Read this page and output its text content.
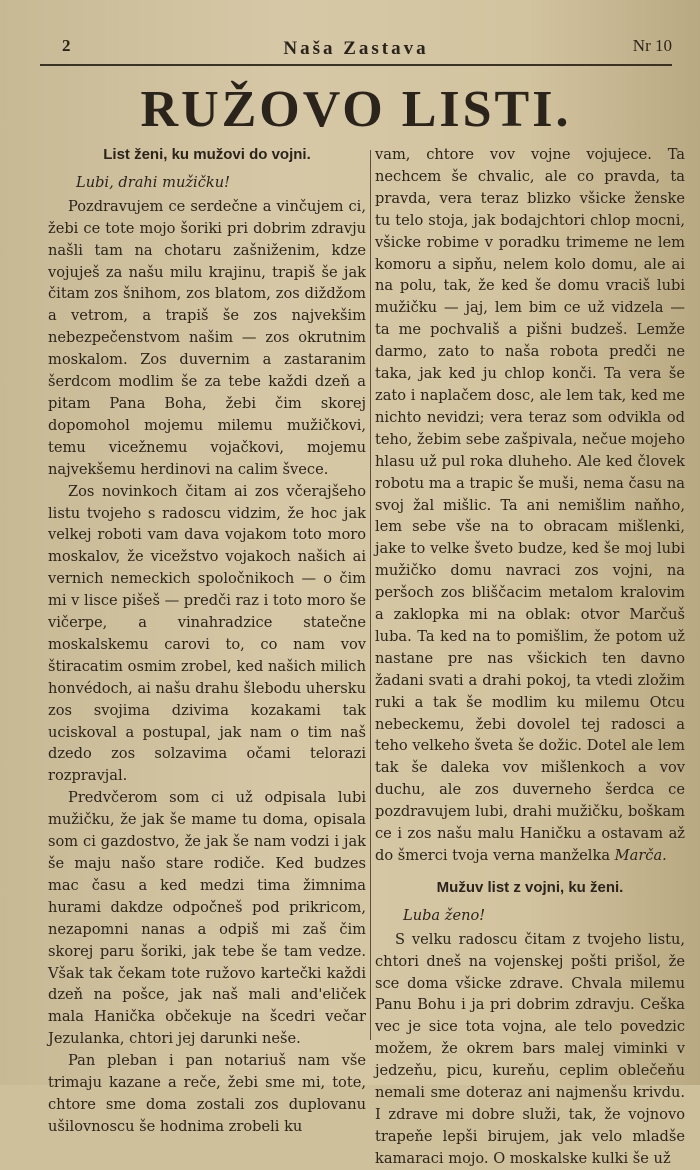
2	Naša Zastava	Nr 10
RUŽOVO LISTI.
List ženi, ku mužovi do vojni.

Lubi, drahi mužičku!

Pozdravujem ce serdečne a vinčujem ci, žebi ce tote mojo šoriki pri dobrim zdravju našli tam na chotaru zašniženim, kdze vojuješ za našu milu krajinu, trapiš še jak čitam zos šnihom, zos blatom, zos diždžom a vetrom, a trapiš še zos najvekšim nebezpečenstvom našim — zos okrutnim moskalom. Zos duvernim a zastaranim šerdcom modlim še za tebe každi dzeň a pitam Pana Boha, žebi čim skorej dopomohol mojemu milemu mužičkovi, temu vicežnemu vojačkovi, mojemu najvekšemu herdinovi na calim švece.

Zos novinkoch čitam ai zos včerajšeho listu tvojeho s radoscu vidzim, že hoc jak velkej roboti vam dava vojakom toto moro moskalov, že vicežstvo vojakoch našich ai vernich nemeckich spoločnikoch — o čim mi v lisce pišeš — predči raz i toto moro še vičerpe, a vinahradzice statečne moskalskemu carovi to, co nam vov štiracatim osmim zrobel, ked našich milich honvédoch, ai našu drahu šlebodu uhersku zos svojima dzivima kozakami tak uciskoval a postupal, jak nam o tim naš dzedo zos solzavima očami telorazi rozpravjal.

Predvčerom som ci už odpisala lubi mužičku, že jak še mame tu doma, opisala som ci gazdostvo, že jak še nam vodzi i jak še maju našo stare rodiče. Ked budzes mac času a ked medzi tima žimnima hurami dakdze odpočneš pod prikricom, nezapomni nanas a odpiš mi zaš čim skorej paru šoriki, jak tebe še tam vedze. Však tak čekam tote ružovo kartečki každi dzeň na pošce, jak naš mali and'eliček mala Hanička občekuje na šcedri večar Jezulanka, chtori jej darunki neše.

Pan pleban i pan notariuš nam vše trimaju kazane a reče, žebi sme mi, tote, chtore sme doma zostali zos duplovanu ušilovnoscu še hodnima zrobeli ku

vam, chtore vov vojne vojujece. Ta nechcem še chvalic, ale co pravda, ta pravda, vera teraz blizko všicke ženske tu telo stoja, jak bodajchtori chlop mocni, všicke robime v poradku trimeme ne lem komoru a sipňu, nelem kolo domu, ale ai na polu, tak, že ked še domu vraciš lubi mužičku — jaj, lem bim ce už vidzela — ta me pochvališ a pišni budzeš. Lemže darmo, zato to naša robota predči ne taka, jak ked ju chlop konči. Ta vera še zato i naplačem dosc, ale lem tak, ked me nichto nevidzi; vera teraz som odvikla od teho, žebim sebe zašpivala, nečue mojeho hlasu už pul roka dluheho. Ale ked človek robotu ma a trapic še muši, nema času na svoj žal mišlic. Ta ani nemišlim naňho, lem sebe vše na to obracam mišlenki, jake to velke šveto budze, ked še moj lubi mužičko domu navraci zos vojni, na peršoch zos bliščacim metalom kralovim a zaklopka mi na oblak: otvor Marčuš luba. Ta ked na to pomišlim, že potom už nastane pre nas všickich ten davno žadani svati a drahi pokoj, ta vtedi zložim ruki a tak še modlim ku milemu Otcu nebeckemu, žebi dovolel tej radosci a teho velkeho šveta še dožic. Dotel ale lem tak še daleka vov mišlenkoch a vov duchu, ale zos duverneho šerdca ce pozdravujem lubi, drahi mužičku, boškam ce i zos našu malu Haničku a ostavam až do šmerci tvoja verna manželka Marča.

Mužuv list z vojni, ku ženi.

Luba ženo!

S velku radoscu čitam z tvojeho listu, chtori dneš na vojenskej pošti prišol, že sce doma všicke zdrave. Chvala milemu Panu Bohu i ja pri dobrim zdravju. Ceška vec je sice tota vojna, ale telo povedzic možem, že okrem bars malej viminki v jedzeňu, picu, kureňu, ceplim oblečeňu nemali sme doteraz ani najmenšu krivdu. I zdrave mi dobre služi, tak, že vojnovo trapeňe lepši birujem, jak velo mladše kamaraci mojo. O moskalske kulki še už
